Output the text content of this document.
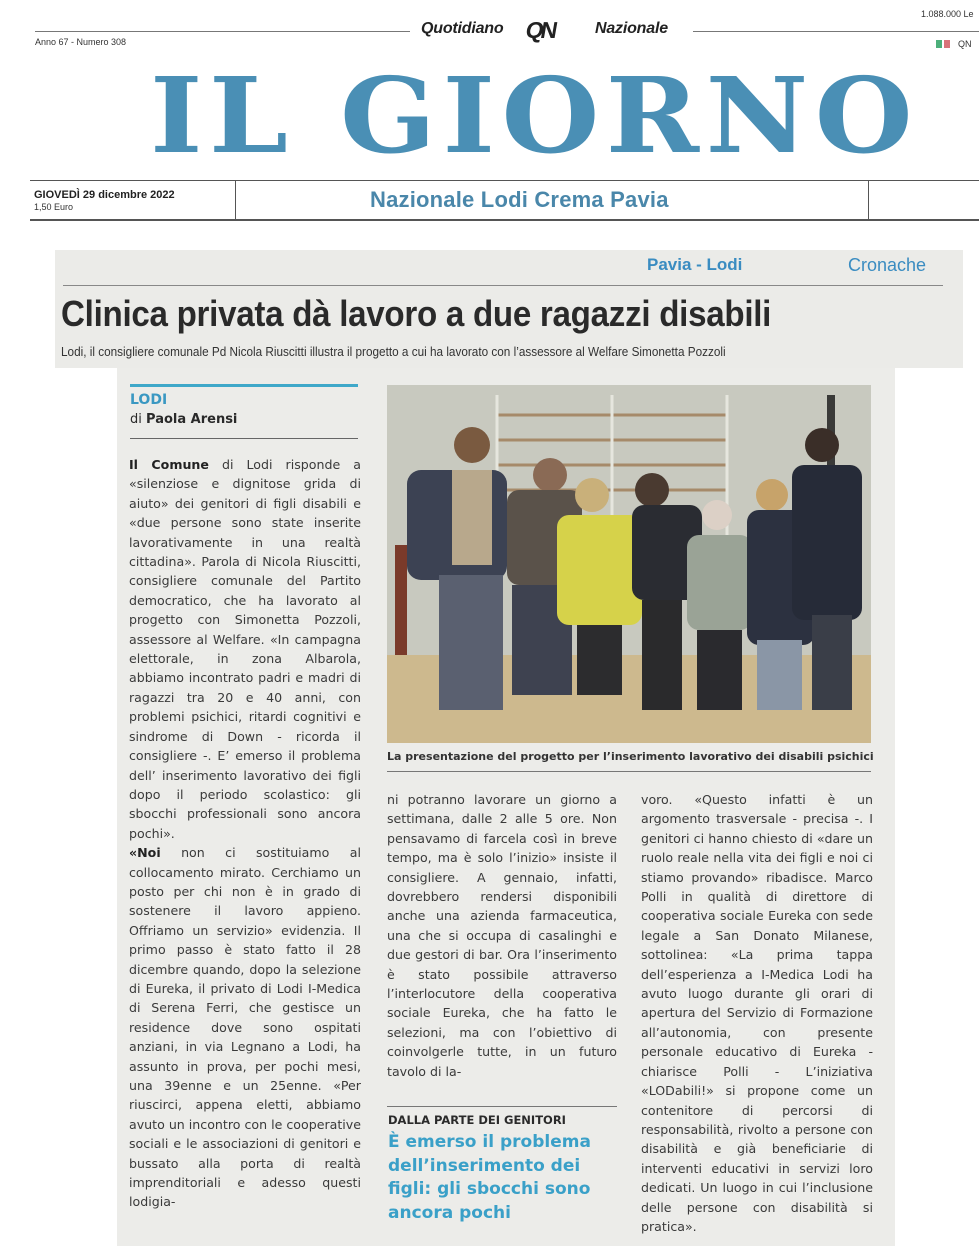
Quotidiano QN	Nazionale
Anno 67 - Numero 308
1.088.000 Le
QN
IL GIORNO
GIOVEDÌ 29 dicembre 2022
1,50 Euro	Nazionale Lodi Crema Pavia
Pavia - Lodi	Cronache
Clinica privata dà lavoro a due ragazzi disabili
Lodi, il consigliere comunale Pd Nicola Riuscitti illustra il progetto a cui ha lavorato con l’assessore al Welfare Simonetta Pozzoli
LODI
di Paola Arensi

Il Comune di Lodi risponde a «silenziose e dignitose grida di aiuto» dei genitori di figli disabili e «due persone sono state inserite lavorativamente in una realtà cittadina». Parola di Nicola Riuscitti, consigliere comunale del Partito democratico, che ha lavorato al progetto con Simonetta Pozzoli, assessore al Welfare. «In campagna elettorale, in zona Albarola, abbiamo incontrato padri e madri di ragazzi tra 20 e 40 anni, con problemi psichici, ritardi cognitivi e sindrome di Down - ricorda il consigliere -. E’ emerso il problema dell’ inserimento lavorativo dei figli dopo il periodo scolastico: gli sbocchi professionali sono ancora pochi».

«Noi non ci sostituiamo al collocamento mirato. Cerchiamo un posto per chi non è in grado di sostenere il lavoro appieno. Offriamo un servizio» evidenzia. Il primo passo è stato fatto il 28 dicembre quando, dopo la selezione di Eureka, il privato di Lodi I-Medica di Serena Ferri, che gestisce un residence dove sono ospitati anziani, in via Legnano a Lodi, ha assunto in prova, per pochi mesi, una 39enne e un 25enne. «Per riuscirci, appena eletti, abbiamo avuto un incontro con le cooperative sociali e le associazioni di genitori e bussato alla porta di realtà imprenditoriali e adesso questi lodigia-

La presentazione del progetto per l’inserimento lavorativo dei disabili psichici

ni potranno lavorare un giorno a settimana, dalle 2 alle 5 ore. Non pensavamo di farcela così in breve tempo, ma è solo l’inizio» insiste il consigliere. A gennaio, infatti, dovrebbero rendersi disponibili anche una azienda farmaceutica, una che si occupa di casalinghi e due gestori di bar. Ora l’inserimento è stato possibile attraverso l’interlocutore della cooperativa sociale Eureka, che ha fatto le selezioni, ma con l’obiettivo di coinvolgerle tutte, in un futuro tavolo di la-

DALLA PARTE DEI GENITORI
È emerso il problema dell’inserimento dei figli: gli sbocchi sono ancora pochi

voro. «Questo infatti è un argomento trasversale - precisa -. I genitori ci hanno chiesto di «dare un ruolo reale nella vita dei figli e noi ci stiamo provando» ribadisce. Marco Polli in qualità di direttore di cooperativa sociale Eureka con sede legale a San Donato Milanese, sottolinea: «La prima tappa dell’esperienza a I-Medica Lodi ha avuto luogo durante gli orari di apertura del Servizio di Formazione all’autonomia, con presente personale educativo di Eureka - chiarisce Polli - L’iniziativa «LODabili!» si propone come un contenitore di percorsi di responsabilità, rivolto a persone con disabilità e già beneficiarie di interventi educativi in servizi loro dedicati. Un luogo in cui l’inclusione delle persone con disabilità si pratica».
